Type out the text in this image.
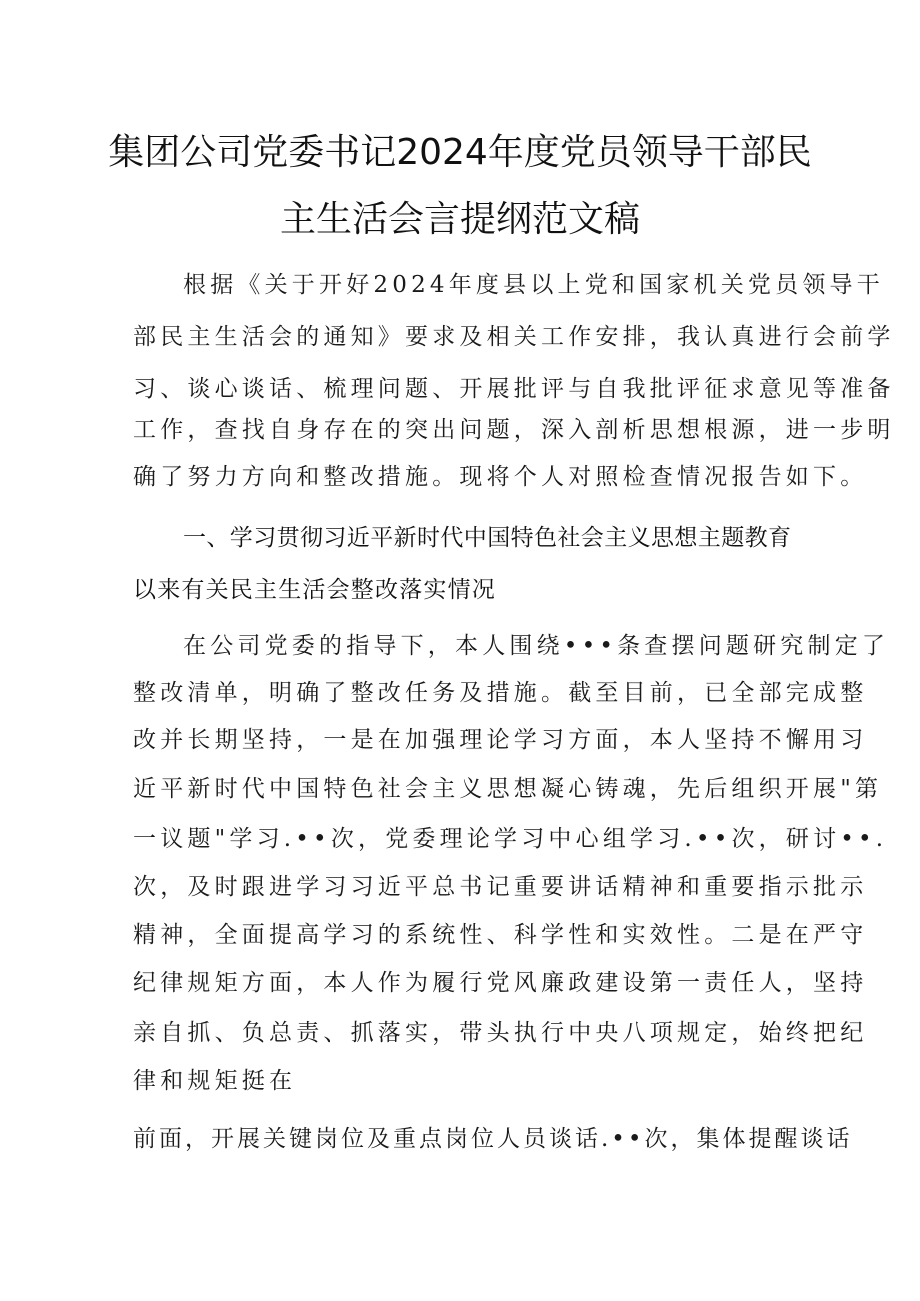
集团公司党委书记2024年度党员领导干部民
主生活会言提纲范文稿
根据《关于开好2024年度县以上党和国家机关党员领导干
部民主生活会的通知》要求及相关工作安排，我认真进行会前学
习、谈心谈话、梳理问题、开展批评与自我批评征求意见等准备
工作，查找自身存在的突出问题，深入剖析思想根源，进一步明
确了努力方向和整改措施。现将个人对照检查情况报告如下。
一、学习贯彻习近平新时代中国特色社会主义思想主题教育
以来有关民主生活会整改落实情况
在公司党委的指导下，本人围绕•••条查摆问题研究制定了
整改清单，明确了整改任务及措施。截至目前，已全部完成整
改并长期坚持，一是在加强理论学习方面，本人坚持不懈用习
近平新时代中国特色社会主义思想凝心铸魂，先后组织开展"第
一议题"学习.••次，党委理论学习中心组学习.••次，研讨••.
次，及时跟进学习习近平总书记重要讲话精神和重要指示批示
精神，全面提高学习的系统性、科学性和实效性。二是在严守
纪律规矩方面，本人作为履行党风廉政建设第一责任人，坚持
亲自抓、负总责、抓落实，带头执行中央八项规定，始终把纪
律和规矩挺在
前面，开展关键岗位及重点岗位人员谈话.••次，集体提醒谈话
